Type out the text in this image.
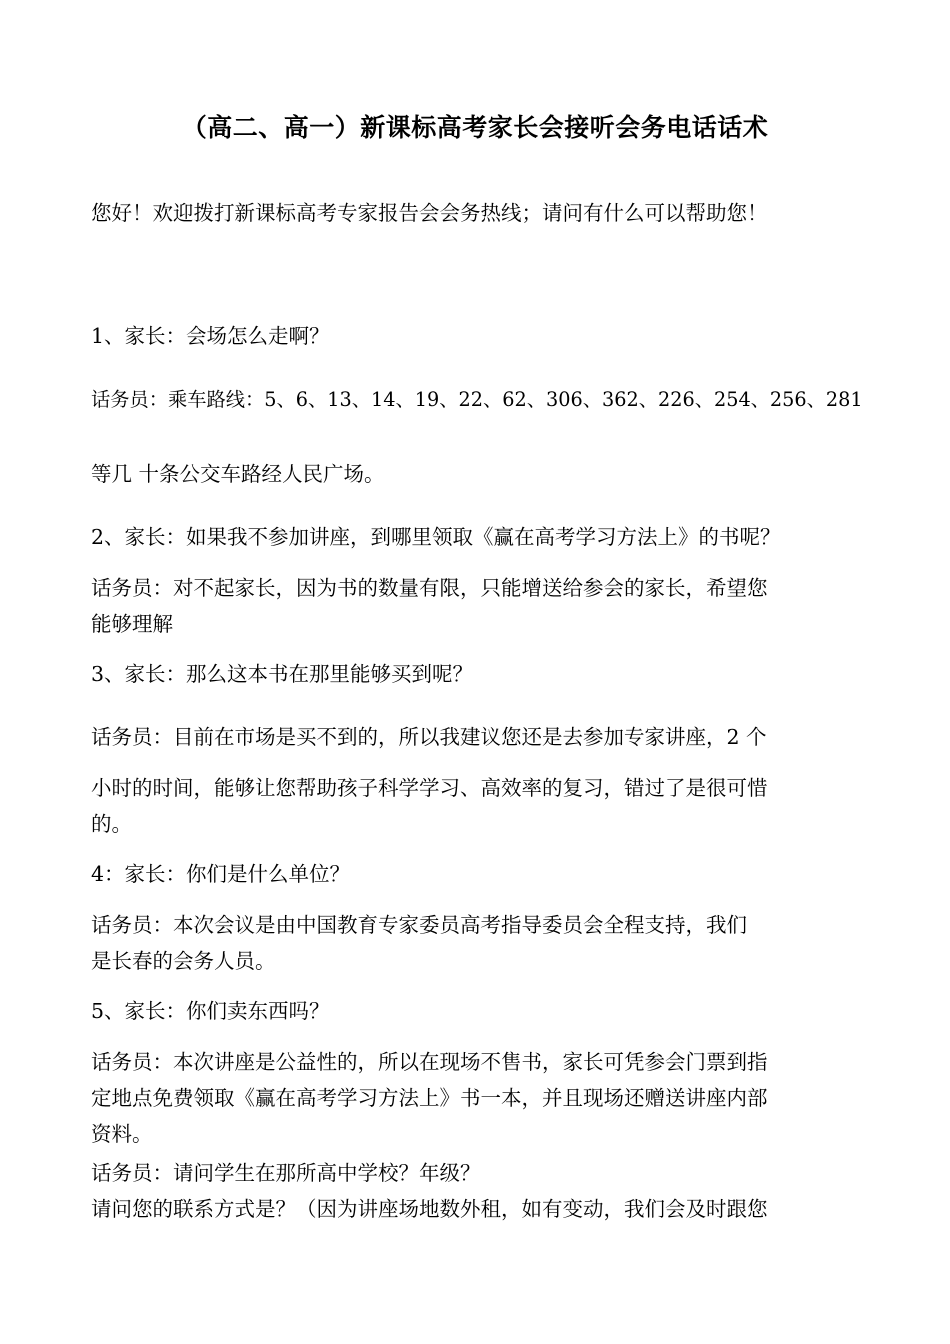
（高二、高一）新课标高考家长会接听会务电话话术
您好！欢迎拨打新课标高考专家报告会会务热线；请问有什么可以帮助您！
1、家长：会场怎么走啊？
话务员：乘车路线：5、6、13、14、19、22、62、306、362、226、254、256、281
等几 十条公交车路经人民广场。
2、家长：如果我不参加讲座，到哪里领取《赢在高考学习方法上》的书呢？
话务员：对不起家长，因为书的数量有限，只能增送给参会的家长，希望您
能够理解
3、家长：那么这本书在那里能够买到呢？
话务员：目前在市场是买不到的，所以我建议您还是去参加专家讲座，2 个
小时的时间，能够让您帮助孩子科学学习、高效率的复习，错过了是很可惜
的。
4：家长：你们是什么单位？
话务员：本次会议是由中国教育专家委员高考指导委员会全程支持，我们
是长春的会务人员。
5、家长：你们卖东西吗？
话务员：本次讲座是公益性的，所以在现场不售书，家长可凭参会门票到指
定地点免费领取《赢在高考学习方法上》书一本，并且现场还赠送讲座内部
资料。
话务员：请问学生在那所高中学校？年级？
请问您的联系方式是？（因为讲座场地数外租，如有变动，我们会及时跟您
